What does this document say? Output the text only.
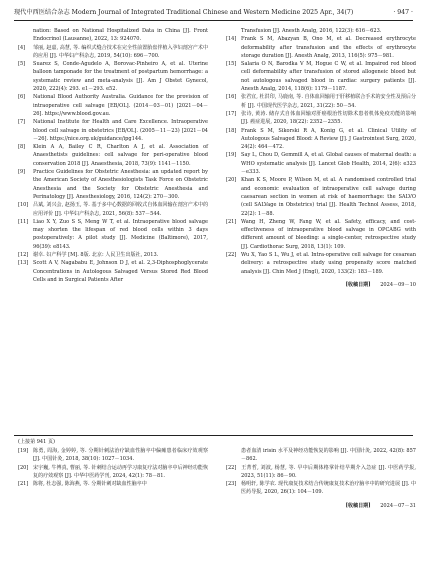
现代中西医结合杂志 Modern Journal of Integrated Traditional Chinese and Western Medicine 2025 Apr., 34(7)	· 947 ·
nation: Based on National Hospitalized Data in China [J]. Front Endocrinol (Lausanne), 2022, 13: 924070.
[4] 邹丽, 赵嘉, 高慧, 等. 编织式缝合技术在完全性前置胎盘伴植入孕妇剖宫产术中的应用 [J]. 中华妇产科杂志, 2019, 54(10): 696－700.
[5] Suarez S, Conde-Agudelo A, Borovac-Pinheiro A, et al. Uterine balloon tamponade for the treatment of postpartum hemorrhage: a systematic review and meta-analysis [J]. Am J Obstet Gynecol, 2020, 222(4): 293. e1－293. e52.
[6] National Blood Authority Australia. Guidance for the provision of intraoperative cell salvage [EB/OL]. (2014－03－01) [2021－04－26]. https://www.blood.gov.au.
[7] National Institute for Health and Care Excellence. Intraoperative blood cell salvage in obstetrics [EB/OL]. (2005－11－23) [2021－04－26]. https://nice.org.uk/guidance/ipg144.
[8] Klein A A, Bailey C R, Charlton A J, et al. Association of Anaesthetists guidelines: cell salvage for peri-operative blood conservation 2018 [J]. Anaesthesia, 2018, 73(9): 1141－1150.
[9] Practice Guidelines for Obstetric Anesthesia: an updated report by the American Society of Anesthesiologists Task Force on Obstetric Anesthesia and the Society for Obstetric Anesthesia and Perinatology [J]. Anesthesiology, 2016, 124(2): 270－300.
[10] 吕斌, 刘兴会, 赵扬玉, 等. 基于多中心数据的回收式自体血回输在剖宫产术中的应用评价 [J]. 中华妇产科杂志, 2021, 56(8): 537－544.
[11] Liao X Y, Zuo S S, Meng W T, et al. Intraoperative blood salvage may shorten the lifespan of red blood cells within 3 days postoperatively: A pilot study [J]. Medicine (Baltimore), 2017, 96(39): e8143.
[12] 谢幸. 妇产科学 [M]. 8版. 北京: 人民卫生出版社, 2013.
[13] Scott A V, Nagababu E, Johnson D J, et al. 2,3-Diphosphoglycerate Concentrations in Autologous Salvaged Versus Stored Red Blood Cells and in Surgical Patients After
Transfusion [J]. Anesth Analg, 2016, 122(3): 616－623.
[14] Frank S M, Abazyan B, Ono M, et al. Decreased erythrocyte deformability after transfusion and the effects of erythrocyte storage duration [J]. Anesth Analg, 2013, 116(5): 975－981.
[15] Salaria O N, Barodka V M, Hogue C W, et al. Impaired red blood cell deformability after transfusion of stored allogeneic blood but not autologous salvaged blood in cardiac surgery patients [J]. Anesth Analg, 2014, 118(6): 1179－1187.
[16] 张君宜, 杜洪印, 马鹿南, 等. 自体血回输用于肝移植联合手术的安全性及预后分析 [J]. 中国现代医学杂志, 2021, 31(22): 50－54.
[17] 张诗, 黄涛. 储存式自体血回输对肝癌根治性切除术患者机体免疫功能的影响 [J]. 癌症进展, 2020, 18(22): 2352－2355.
[18] Frank S M, Sikorski R A, Konig G, et al. Clinical Utility of Autologous Salvaged Blood: A Review [J]. J Gastrointest Surg, 2020, 24(2): 464－472.
[19] Say L, Chou D, Gemmill A, et al. Global causes of maternal death: a WHO systematic analysis [J]. Lancet Glob Health, 2014, 2(6): e323－e333.
[20] Khan K S, Moore P, Wilson M, et al. A randomised controlled trial and economic evaluation of intraoperative cell salvage during caesarean section in women at risk of haemorrhage: the SALVO (cell SALVage in Obstetrics) trial [J]. Health Technol Assess, 2018, 22(2): 1－88.
[21] Wang H, Zheng W, Fang W, et al. Safety, efficacy, and cost-effectiveness of intraoperative blood salvage in OPCABG with different amount of bleeding: a single-center, retrospective study [J]. Cardiothorac Surg, 2018, 13(1): 109.
[22] Wu X, Yao S L, Wu J, et al. Intra-operative cell salvage for cesarean delivery: a retrospective study using propensity score matched analysis [J]. Chin Med J (Engl), 2020, 133(2): 183－189.
[收稿日期] 2024－09－10
(上接第 941 页)
[19] 陈勇, 周海, 金婷婷, 等. 分期针刺法治疗缺血性脑卒中偏瘫患者临床疗效观察 [J]. 中国针灸, 2018, 38(10): 1027－1034.
[20] 宋宇巍, 牛博真, 曹丽, 等. 针刺结合运动再学习康复疗法对脑卒中后神经功能恢复的疗效观察 [J]. 中华中医药学刊, 2024, 42(1): 78－81.
[21] 陈将, 杜志强, 陈海燕, 等. 分期针刺对缺血性脑卒中
患者血清 irisin 水平及神经功能恢复的影响 [J]. 中国针灸, 2022, 42(8): 857－862.
[22] 王菁哲, 刘波, 杨慧, 等. 早中后期体格掌针结早期介入急症 [J]. 中医药学报, 2023, 51(11): 86－90.
[23] 杨明轩, 陈学农. 现代康复技术结合传统康复技术治疗脑卒中的研究进展 [J]. 中医药导报, 2020, 26(1): 104－109.
[收稿日期] 2024－07－31
